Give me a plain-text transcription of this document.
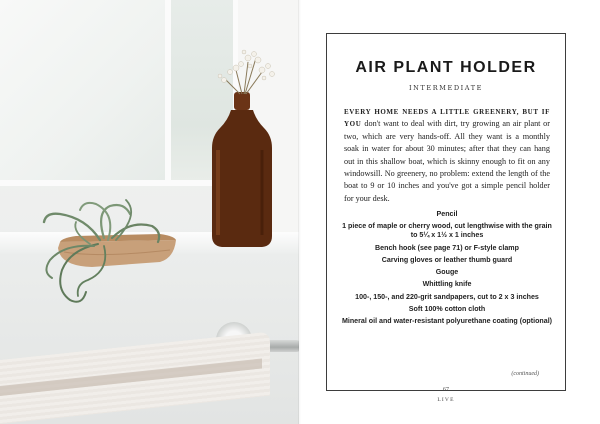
AIR PLANT HOLDER
INTERMEDIATE
EVERY HOME NEEDS A LITTLE GREENERY, BUT IF YOU don't want to deal with dirt, try growing an air plant or two, which are very hands-off. All they want is a monthly soak in water for about 30 minutes; after that they can hang out in this shallow boat, which is skinny enough to fit on any windowsill. No greenery, no problem: extend the length of the boat to 9 or 10 inches and you've got a simple pencil holder for your desk.
Pencil
1 piece of maple or cherry wood, cut lengthwise with the grain to 5¼ x 1½ x 1 inches
Bench hook (see page 71) or F-style clamp
Carving gloves or leather thumb guard
Gouge
Whittling knife
100-, 150-, and 220-grit sandpapers, cut to 2 x 3 inches
Soft 100% cotton cloth
Mineral oil and water-resistant polyurethane coating (optional)
(continued)
67
LIVE
